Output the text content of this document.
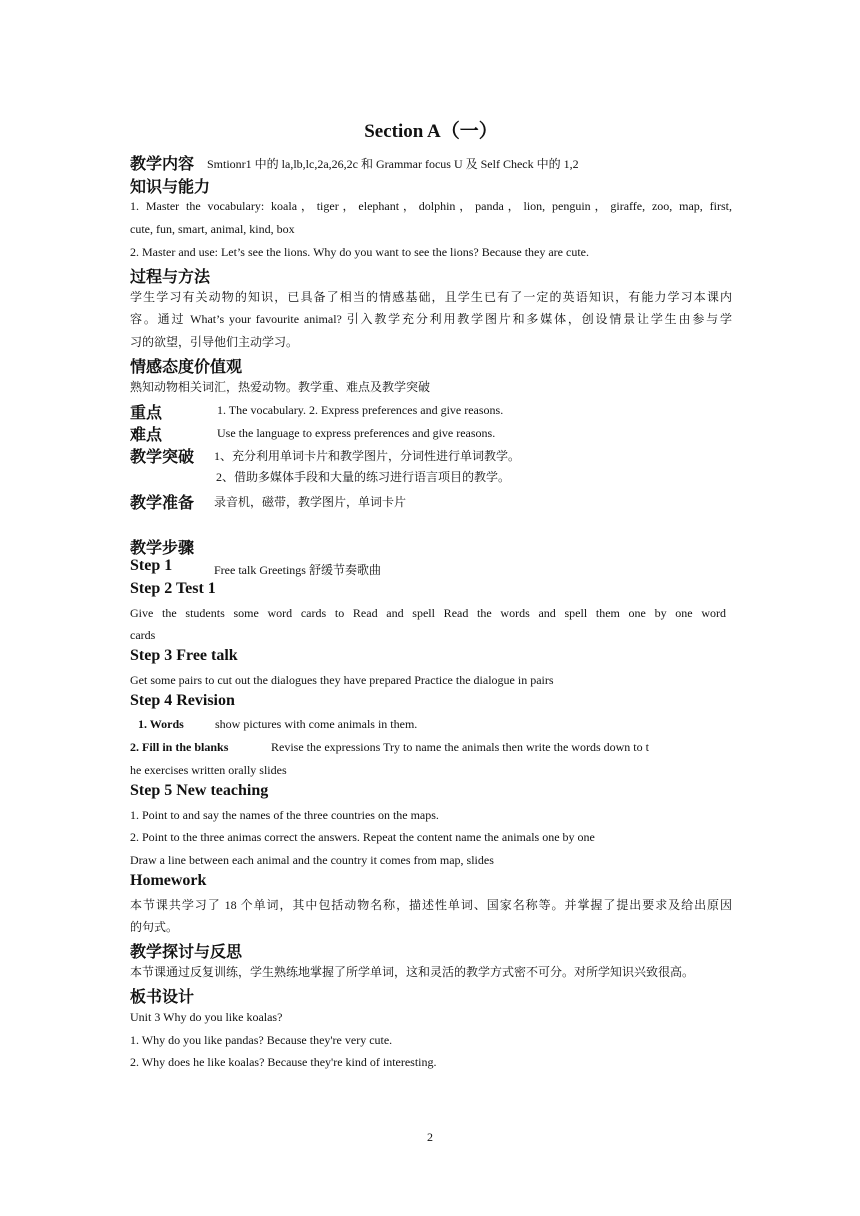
Section A（一）
教学内容 Smtionr1 中的 la,lb,lc,2a,26,2c 和 Grammar focus U 及 Self Check 中的 1,2
知识与能力
1. Master the vocabulary: koala，tiger，elephant，dolphin，panda，lion, penguin，giraffe, zoo, map, first,
cute, fun, smart, animal, kind, box
2. Master and use: Let’s see the lions. Why do you want to see the lions? Because they are cute.
过程与方法
学生学习有关动物的知识，已具备了相当的情感基础，且学生已有了一定的英语知识，有能力学习本课内
容。通过 What’s your favourite animal? 引入教学充分利用教学图片和多媒体，创设情景让学生由参与学
习的欲望，引导他们主动学习。
情感态度价值观
熟知动物相关词汇，热爱动物。教学重、难点及教学突破
重点	1. The vocabulary. 2. Express preferences and give reasons.
难点	Use the language to express preferences and give reasons.
教学突破 1、充分利用单词卡片和教学图片，分词性进行单词教学。
2、借助多媒体手段和大量的练习进行语言项目的教学。
教学准备 录音机，磁带，教学图片，单词卡片
教学步骤
Step 1	Free talk Greetings 舒缓节奏歌曲
Step 2 Test 1
Give the students some word cards to Read and spell Read the words and spell them one by one word
cards
Step 3 Free talk
Get some pairs to cut out the dialogues they have prepared Practice the dialogue in pairs
Step 4 Revision
1. Words	show pictures with come animals in them.
2. Fill in the blanks	Revise the expressions Try to name the animals then write the words down to t
he exercises written orally slides
Step 5 New teaching
1. Point to and say the names of the three countries on the maps.
2. Point to the three animas correct the answers. Repeat the content name the animals one by one
Draw a line between each animal and the country it comes from map, slides
Homework
本节课共学习了 18 个单词，其中包括动物名称，描述性单词、国家名称等。并掌握了提出要求及给出原因
的句式。
教学探讨与反思
本节课通过反复训练，学生熟练地掌握了所学单词，这和灵活的教学方式密不可分。对所学知识兴致很高。
板书设计
Unit 3 Why do you like koalas?
1. Why do you like pandas? Because they're very cute.
2. Why does he like koalas? Because they're kind of interesting.
2
